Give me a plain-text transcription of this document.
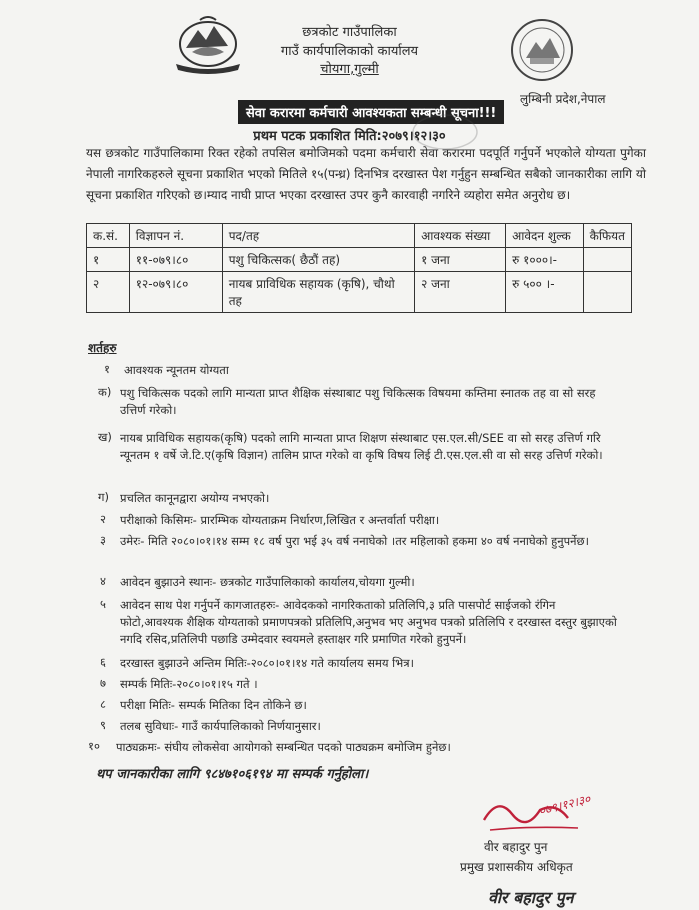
छत्रकोट गाउँपालिका
गाउँ कार्यपालिकाको कार्यालय
चोयगा,गुल्मी
लुम्बिनी प्रदेश,नेपाल
सेवा करारमा कर्मचारी आवश्यकता सम्बन्धी सूचना!!!
प्रथम पटक प्रकाशित मिति:२०७९।१२।३०
यस छत्रकोट गाउँपालिकामा रिक्त रहेको तपसिल बमोजिमको पदमा कर्मचारी सेवा करारमा पदपूर्ति गर्नुपर्ने भएकोले योग्यता पुगेका नेपाली नागरिकहरुले सूचना प्रकाशित भएको मितिले १५(पन्ध्र) दिनभित्र दरखास्त पेश गर्नुहुन सम्बन्धित सबैको जानकारीका लागि यो सूचना प्रकाशित गरिएको छ।म्याद नाघी प्राप्त भएका दरखास्त उपर कुनै कारवाही नगरिने व्यहोरा समेत अनुरोध छ।
क.सं.	विज्ञापन नं.	पद/तह	आवश्यक संख्या	आवेदन शुल्क	कैफियत
१	११-०७९।८०	पशु चिकित्सक( छैठौं तह)	१ जना	रु १०००।-	
२	१२-०७९।८०	नायब प्राविधिक सहायक (कृषि), चौथो तह	२ जना	रु ५०० ।-	
शर्तहरु
१ आवश्यक न्यूनतम योग्यता
क) पशु चिकित्सक पदको लागि मान्यता प्राप्त शैक्षिक संस्थाबाट पशु चिकित्सक विषयमा कम्तिमा स्नातक तह वा सो सरह उत्तिर्ण गरेको।
ख) नायब प्राविधिक सहायक(कृषि) पदको लागि मान्यता प्राप्त शिक्षण संस्थाबाट एस.एल.सी/SEE वा सो सरह उत्तिर्ण गरि न्यूनतम १ वर्षे जे.टि.ए(कृषि विज्ञान) तालिम प्राप्त गरेको वा कृषि विषय लिई टी.एस.एल.सी वा सो सरह उत्तिर्ण गरेको।
ग) प्रचलित कानूनद्वारा अयोग्य नभएको।
२ परीक्षाको किसिमः- प्रारम्भिक योग्यताक्रम निर्धारण,लिखित र अन्तर्वार्ता परीक्षा।
३ उमेरः- मिति २०८०।०१।१४ सम्म १८ वर्ष पुरा भई ३५ वर्ष ननाघेको ।तर महिलाको हकमा ४० वर्ष ननाघेको हुनुपर्नेछ।
४ आवेदन बुझाउने स्थानः- छत्रकोट गाउँपालिकाको कार्यालय,चोयगा गुल्मी।
५ आवेदन साथ पेश गर्नुपर्ने कागजातहरुः- आवेदकको नागरिकताको प्रतिलिपि,३ प्रति पासपोर्ट साईजको रंगिन फोटो,आवश्यक शैक्षिक योग्यताको प्रमाणपत्रको प्रतिलिपि,अनुभव भए अनुभव पत्रको प्रतिलिपि र दरखास्त दस्तुर बुझाएको नगदि रसिद,प्रतिलिपी पछाडि उम्मेदवार स्वयमले हस्ताक्षर गरि प्रमाणित गरेको हुनुपर्ने।
६ दरखास्त बुझाउने अन्तिम मितिः-२०८०।०१।१४ गते कार्यालय समय भित्र।
७ सम्पर्क मितिः-२०८०।०१।१५ गते ।
८ परीक्षा मितिः- सम्पर्क मितिका दिन तोकिने छ।
९ तलब सुविधाः- गाउँ कार्यपालिकाको निर्णयानुसार।
१० पाठ्यक्रमः- संघीय लोकसेवा आयोगको सम्बन्धित पदको पाठ्यक्रम बमोजिम हुनेछ।
थप जानकारीका लागि ९८४७१०६१९४ मा सम्पर्क गर्नुहोला।
०७९।१२।३०
वीर बहादुर पुन
प्रमुख प्रशासकीय अधिकृत
वीर बहादुर पुन
